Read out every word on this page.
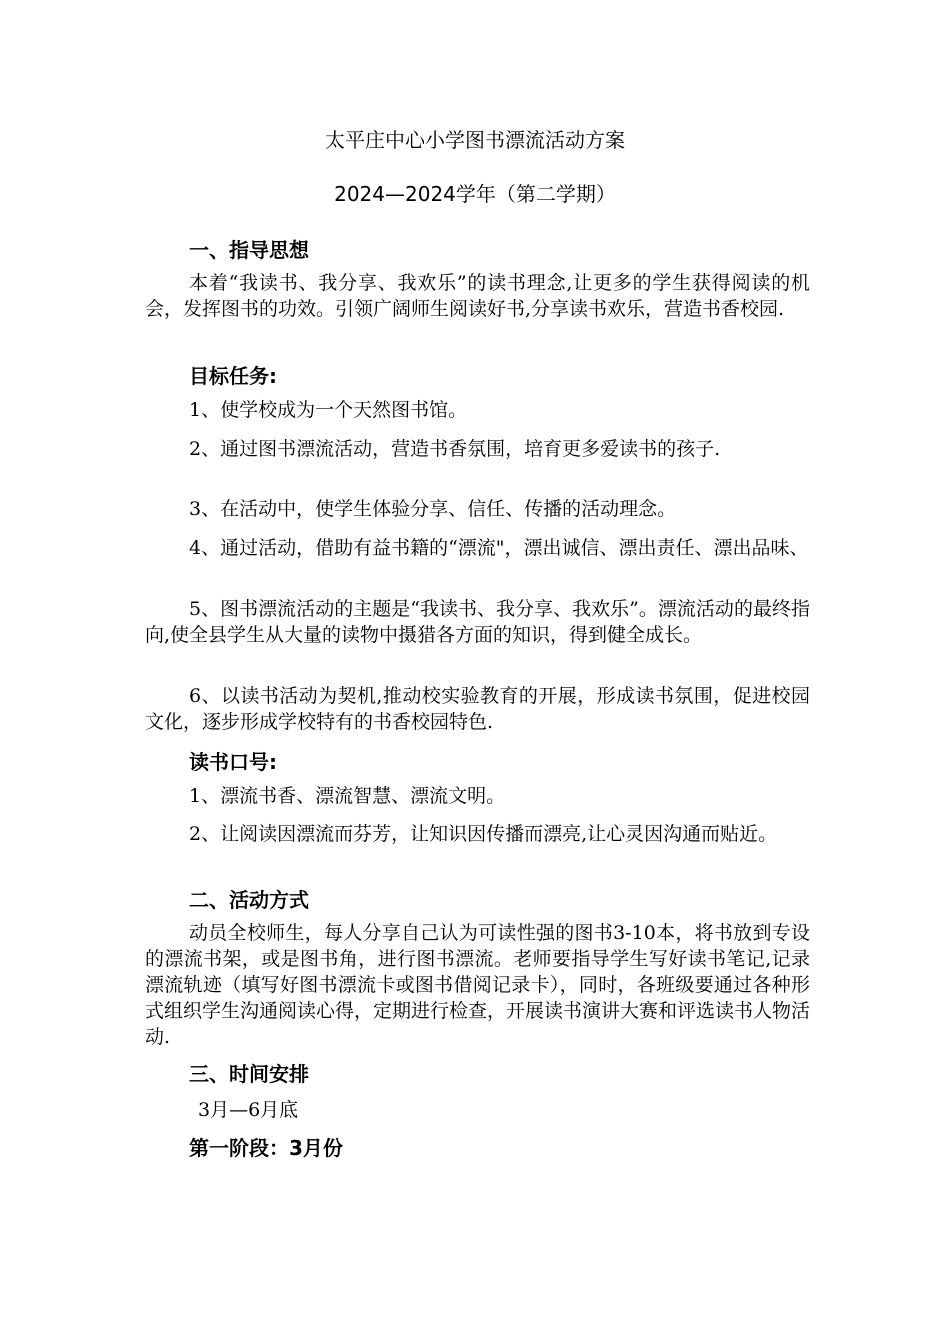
太平庄中心小学图书漂流活动方案
2024—2024学年（第二学期）
一、指导思想

本着“我读书、我分享、我欢乐”的读书理念,让更多的学生获得阅读的机会，发挥图书的功效。引领广阔师生阅读好书,分享读书欢乐，营造书香校园.

目标任务:

1、使学校成为一个天然图书馆。

2、通过图书漂流活动，营造书香氛围，培育更多爱读书的孩子.

3、在活动中，使学生体验分享、信任、传播的活动理念。

4、通过活动，借助有益书籍的“漂流"，漂出诚信、漂出责任、漂出品味、

5、图书漂流活动的主题是“我读书、我分享、我欢乐”。漂流活动的最终指向,使全县学生从大量的读物中摄猎各方面的知识，得到健全成长。

6、以读书活动为契机,推动校实验教育的开展，形成读书氛围，促进校园文化，逐步形成学校特有的书香校园特色.

读书口号:

1、漂流书香、漂流智慧、漂流文明。

2、让阅读因漂流而芬芳，让知识因传播而漂亮,让心灵因沟通而贴近。

二、活动方式

动员全校师生，每人分享自己认为可读性强的图书3-10本，将书放到专设的漂流书架，或是图书角，进行图书漂流。老师要指导学生写好读书笔记,记录漂流轨迹（填写好图书漂流卡或图书借阅记录卡），同时，各班级要通过各种形式组织学生沟通阅读心得，定期进行检查，开展读书演讲大赛和评选读书人物活动.

三、时间安排

3月—6月底

第一阶段：3月份
